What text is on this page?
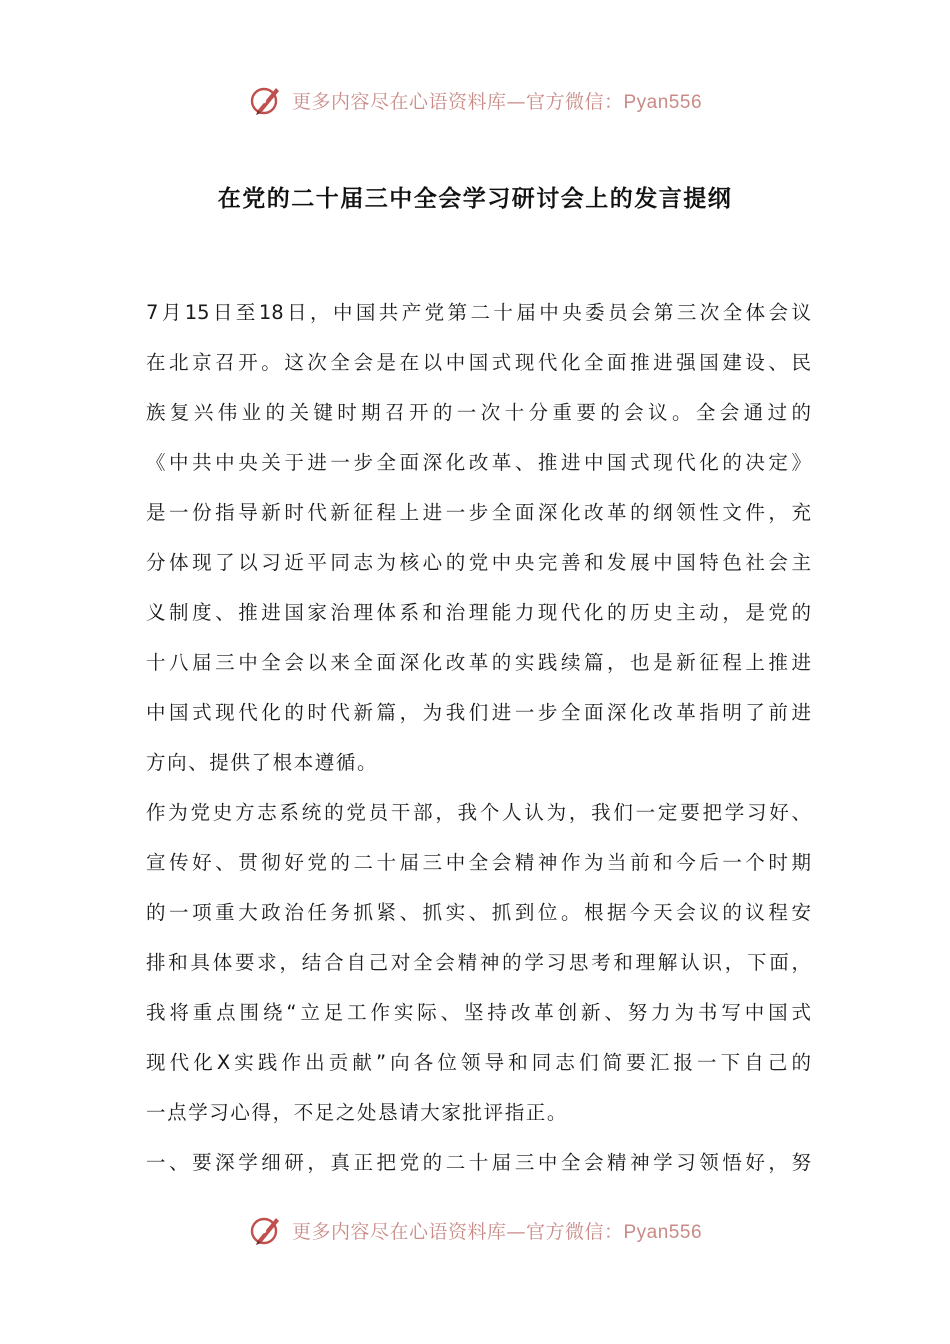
更多内容尽在心语资料库—官方微信：Pyan556
在党的二十届三中全会学习研讨会上的发言提纲
7月15日至18日，中国共产党第二十届中央委员会第三次全体会议
在北京召开。这次全会是在以中国式现代化全面推进强国建设、民
族复兴伟业的关键时期召开的一次十分重要的会议。全会通过的
《中共中央关于进一步全面深化改革、推进中国式现代化的决定》
是一份指导新时代新征程上进一步全面深化改革的纲领性文件，充
分体现了以习近平同志为核心的党中央完善和发展中国特色社会主
义制度、推进国家治理体系和治理能力现代化的历史主动，是党的
十八届三中全会以来全面深化改革的实践续篇，也是新征程上推进
中国式现代化的时代新篇，为我们进一步全面深化改革指明了前进
方向、提供了根本遵循。
作为党史方志系统的党员干部，我个人认为，我们一定要把学习好、
宣传好、贯彻好党的二十届三中全会精神作为当前和今后一个时期
的一项重大政治任务抓紧、抓实、抓到位。根据今天会议的议程安
排和具体要求，结合自己对全会精神的学习思考和理解认识，下面，
我将重点围绕“立足工作实际、坚持改革创新、努力为书写中国式
现代化X实践作出贡献”向各位领导和同志们简要汇报一下自己的
一点学习心得，不足之处恳请大家批评指正。
一、要深学细研，真正把党的二十届三中全会精神学习领悟好，努
更多内容尽在心语资料库—官方微信：Pyan556
